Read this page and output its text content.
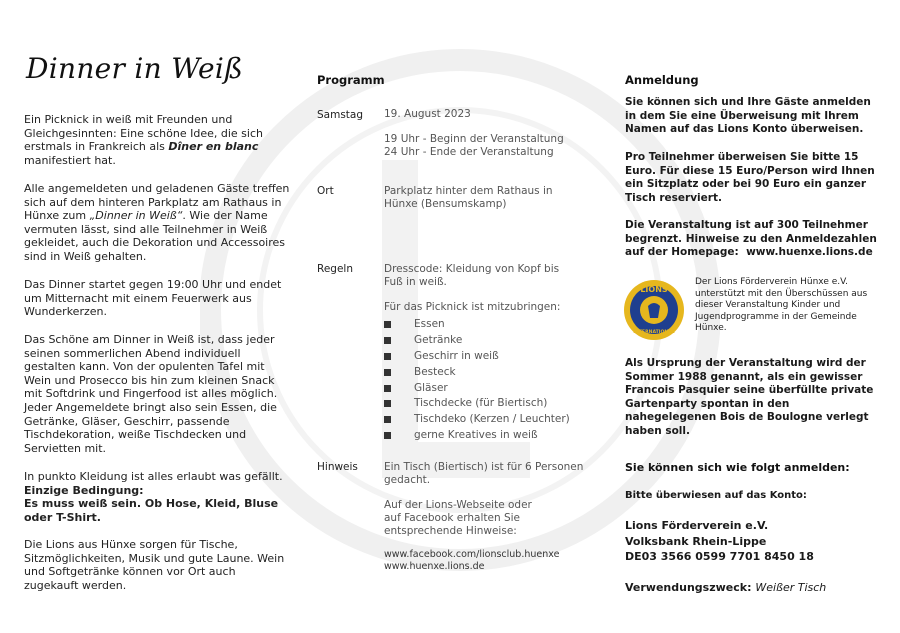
Dinner in Weiß

Ein Picknick in weiß mit Freunden und Gleichgesinnten: Eine schöne Idee, die sich erstmals in Frankreich als Dîner en blanc
manifestiert hat.

Alle angemeldeten und geladenen Gäste treffen sich auf dem hinteren Parkplatz am Rathaus in Hünxe zum „Dinner in Weiß“. Wie der Name vermuten lässt, sind alle Teilnehmer in Weiß gekleidet, auch die Dekoration und Accessoires sind in Weiß gehalten.

Das Dinner startet gegen 19:00 Uhr und endet um Mitternacht mit einem Feuerwerk aus Wunderkerzen.

Das Schöne am Dinner in Weiß ist, dass jeder seinen sommerlichen Abend individuell gestalten kann. Von der opulenten Tafel mit Wein und Prosecco bis hin zum kleinen Snack mit Softdrink und Fingerfood ist alles möglich. Jeder Angemeldete bringt also sein Essen, die Getränke, Gläser, Geschirr, passende Tischdekoration, weiße Tischdecken und Servietten mit.

In punkto Kleidung ist alles erlaubt was gefällt.
Einzige Bedingung:
Es muss weiß sein. Ob Hose, Kleid, Bluse oder T-Shirt.

Die Lions aus Hünxe sorgen für Tische, Sitzmöglichkeiten, Musik und gute Laune. Wein und Softgetränke können vor Ort auch zugekauft werden.

Programm
Samstag 19. August 2023
19 Uhr - Beginn der Veranstaltung
24 Uhr - Ende der Veranstaltung
Ort	Parkplatz hinter dem Rathaus in Hünxe (Bensumskamp)
Regeln	Dresscode: Kleidung von Kopf bis Fuß in weiß.
Für das Picknick ist mitzubringen:
Essen
Getränke
Geschirr in weiß
Besteck
Gläser
Tischdecke (für Biertisch)
Tischdeko (Kerzen / Leuchter)
gerne Kreatives in weiß
Hinweis Ein Tisch (Biertisch) ist für 6 Personen gedacht.
Auf der Lions-Webseite oder auf Facebook erhalten Sie entsprechende Hinweise:
www.facebook.com/lionsclub.huenxe
www.huenxe.lions.de
Anmeldung
Sie können sich und Ihre Gäste anmelden in dem Sie eine Überweisung mit Ihrem Namen auf das Lions Konto überweisen.
Pro Teilnehmer überweisen Sie bitte 15 Euro. Für diese 15 Euro/Person wird Ihnen ein Sitzplatz oder bei 90 Euro ein ganzer Tisch reserviert.
Die Veranstaltung ist auf 300 Teilnehmer begrenzt. Hinweise zu den Anmeldezahlen auf der Homepage: www.huenxe.lions.de
LIONS
INTERNATIONAL
Der Lions Förderverein Hünxe e.V. unterstützt mit den Überschüssen aus dieser Veranstaltung Kinder und Jugendprogramme in der Gemeinde Hünxe.
Als Ursprung der Veranstaltung wird der Sommer 1988 genannt, als ein gewisser Francois Pasquier seine überfüllte private Gartenparty spontan in den nahegelegenen Bois de Boulogne verlegt haben soll.
Sie können sich wie folgt anmelden:
Bitte überwiesen auf das Konto:
Lions Förderverein e.V.
Volksbank Rhein-Lippe
DE03 3566 0599 7701 8450 18
Verwendungszweck: Weißer Tisch
